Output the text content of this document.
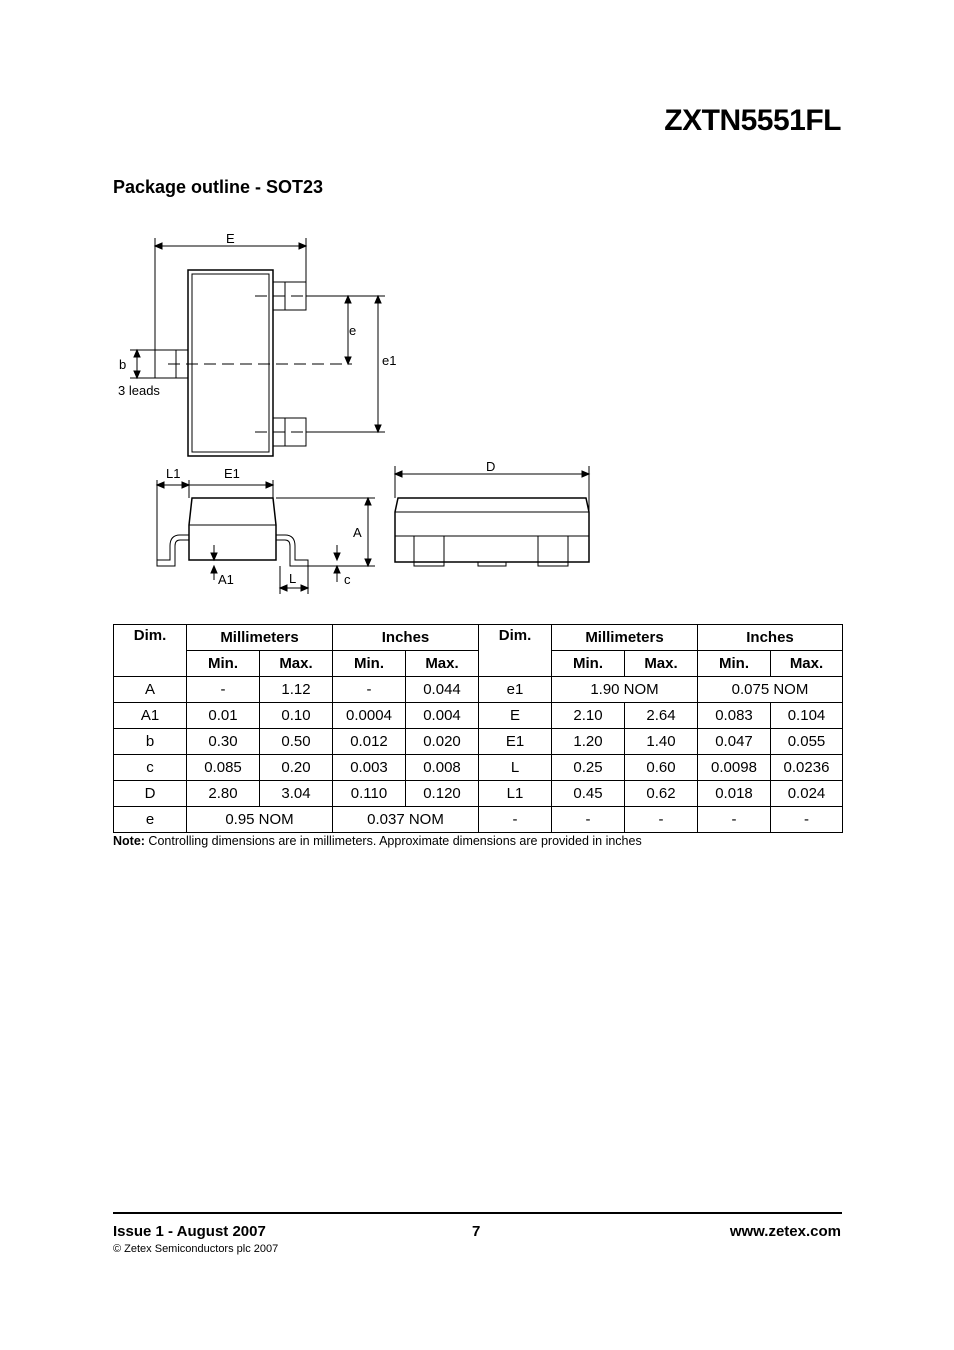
ZXTN5551FL
Package outline - SOT23
E
e
e1
b
3 leads
L1	E1
A
A1	L	c
D
Dim.	Millimeters		Inches		Dim.	Millimeters		Inches	
	Min.	Max.	Min.	Max.		Min.	Max.	Min.	Max.
A	-	1.12	-	0.044	e1	1.90 NOM		0.075 NOM	
A1	0.01	0.10	0.0004	0.004	E	2.10	2.64	0.083	0.104
b	0.30	0.50	0.012	0.020	E1	1.20	1.40	0.047	0.055
c	0.085	0.20	0.003	0.008	L	0.25	0.60	0.0098	0.0236
D	2.80	3.04	0.110	0.120	L1	0.45	0.62	0.018	0.024
e	0.95 NOM		0.037 NOM		-	-	-	-	-
Note: Controlling dimensions are in millimeters. Approximate dimensions are provided in inches
Issue 1 - August 2007
© Zetex Semiconductors plc 2007
7	www.zetex.com
